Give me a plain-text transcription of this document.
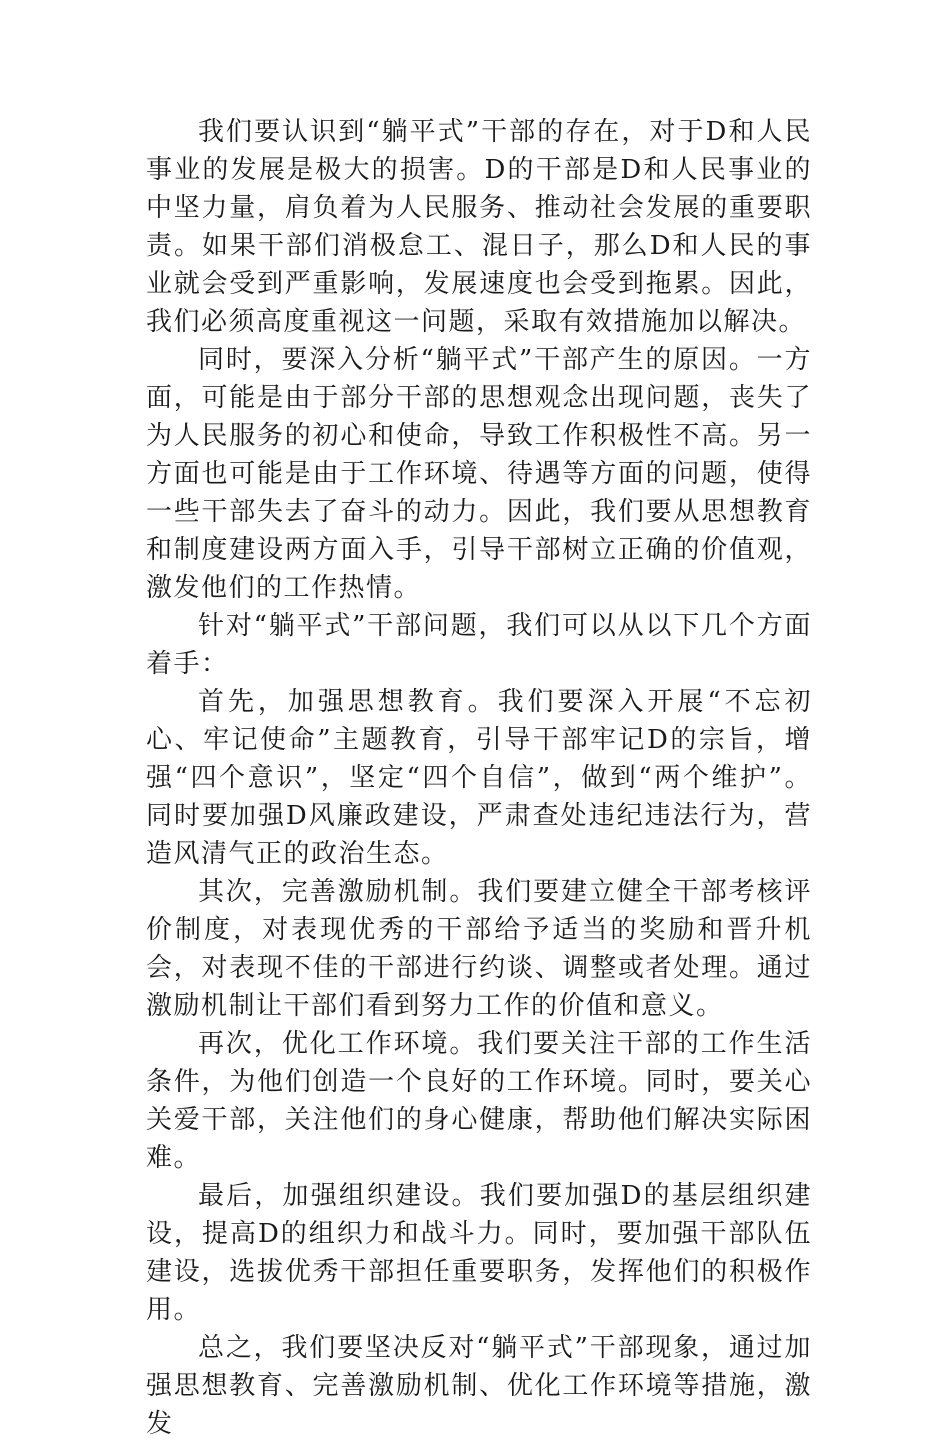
我们要认识到“躺平式”干部的存在，对于D和人民事业的发展是极大的损害。D的干部是D和人民事业的中坚力量，肩负着为人民服务、推动社会发展的重要职责。如果干部们消极怠工、混日子，那么D和人民的事业就会受到严重影响，发展速度也会受到拖累。因此，我们必须高度重视这一问题，采取有效措施加以解决。

同时，要深入分析“躺平式”干部产生的原因。一方面，可能是由于部分干部的思想观念出现问题，丧失了为人民服务的初心和使命，导致工作积极性不高。另一方面也可能是由于工作环境、待遇等方面的问题，使得一些干部失去了奋斗的动力。因此，我们要从思想教育和制度建设两方面入手，引导干部树立正确的价值观，激发他们的工作热情。

针对“躺平式”干部问题，我们可以从以下几个方面着手：

首先，加强思想教育。我们要深入开展“不忘初心、牢记使命”主题教育，引导干部牢记D的宗旨，增强“四个意识”，坚定“四个自信”，做到“两个维护”。同时要加强D风廉政建设，严肃查处违纪违法行为，营造风清气正的政治生态。

其次，完善激励机制。我们要建立健全干部考核评价制度，对表现优秀的干部给予适当的奖励和晋升机会，对表现不佳的干部进行约谈、调整或者处理。通过激励机制让干部们看到努力工作的价值和意义。

再次，优化工作环境。我们要关注干部的工作生活条件，为他们创造一个良好的工作环境。同时，要关心关爱干部，关注他们的身心健康，帮助他们解决实际困难。

最后，加强组织建设。我们要加强D的基层组织建设，提高D的组织力和战斗力。同时，要加强干部队伍建设，选拔优秀干部担任重要职务，发挥他们的积极作用。

总之，我们要坚决反对“躺平式”干部现象，通过加强思想教育、完善激励机制、优化工作环境等措施，激发
